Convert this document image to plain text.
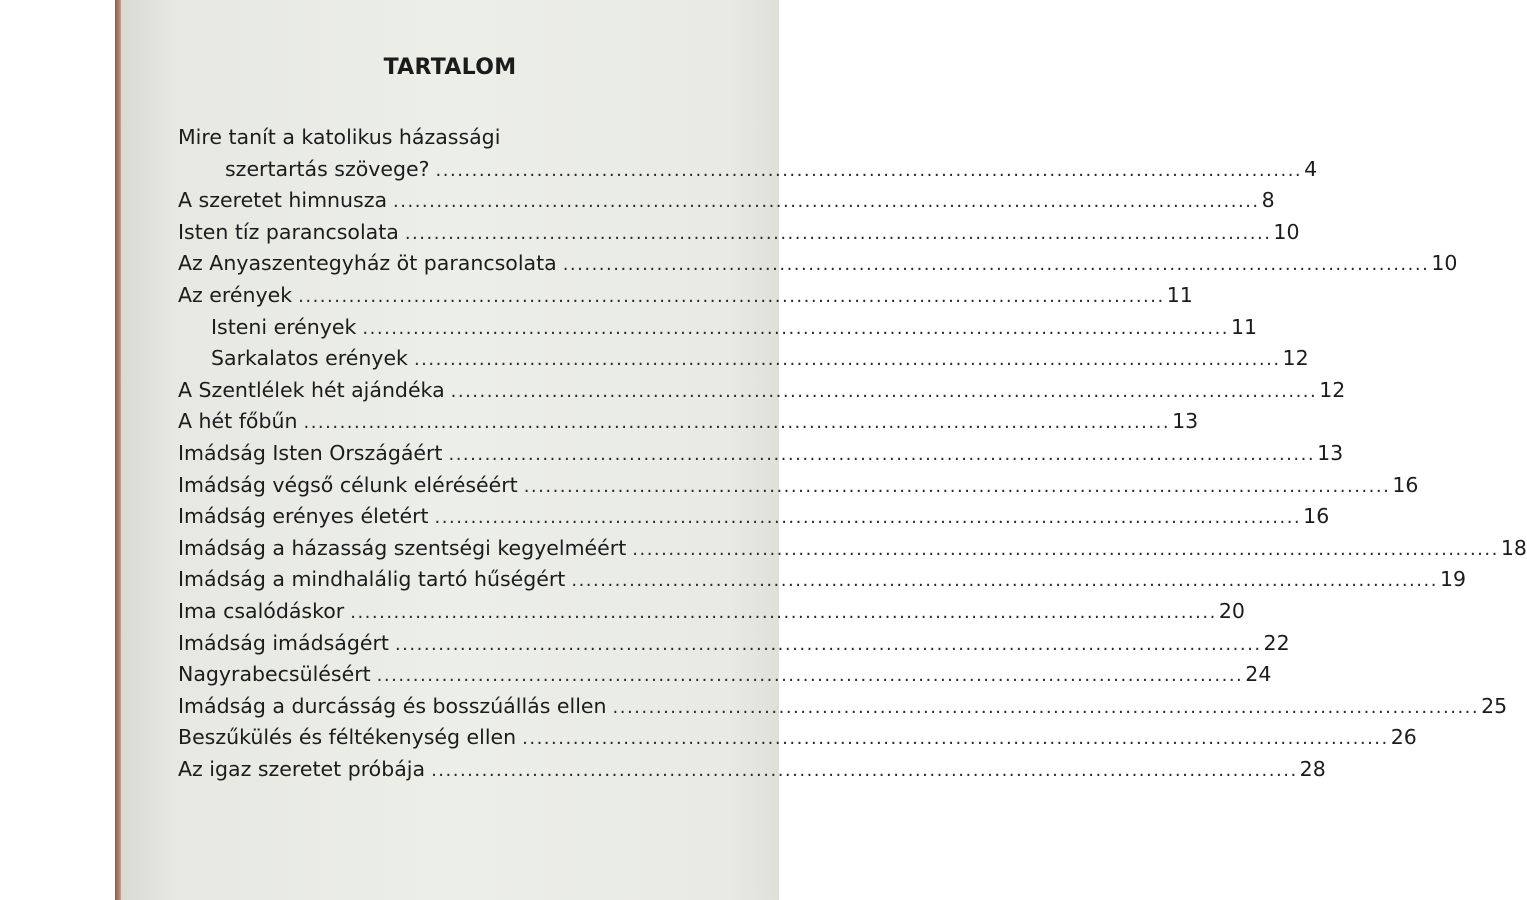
TARTALOM
Mire tanít a katolikus házassági
szertartás szövege? ........................................................................................................................ 4
A szeretet himnusza ........................................................................................................................ 8
Isten tíz parancsolata ........................................................................................................................ 10
Az Anyaszentegyház öt parancsolata ........................................................................................................................ 10
Az erények ........................................................................................................................ 11
Isteni erények ........................................................................................................................ 11
Sarkalatos erények ........................................................................................................................ 12
A Szentlélek hét ajándéka ........................................................................................................................ 12
A hét főbűn ........................................................................................................................ 13
Imádság Isten Országáért ........................................................................................................................ 13
Imádság végső célunk eléréséért ........................................................................................................................ 16
Imádság erényes életért ........................................................................................................................ 16
Imádság a házasság szentségi kegyelméért ........................................................................................................................ 18
Imádság a mindhalálig tartó hűségért ........................................................................................................................ 19
Ima csalódáskor ........................................................................................................................ 20
Imádság imádságért ........................................................................................................................ 22
Nagyrabecsülésért ........................................................................................................................ 24
Imádság a durcásság és bosszúállás ellen ........................................................................................................................ 25
Beszűkülés és féltékenység ellen ........................................................................................................................ 26
Az igaz szeretet próbája ........................................................................................................................ 28
